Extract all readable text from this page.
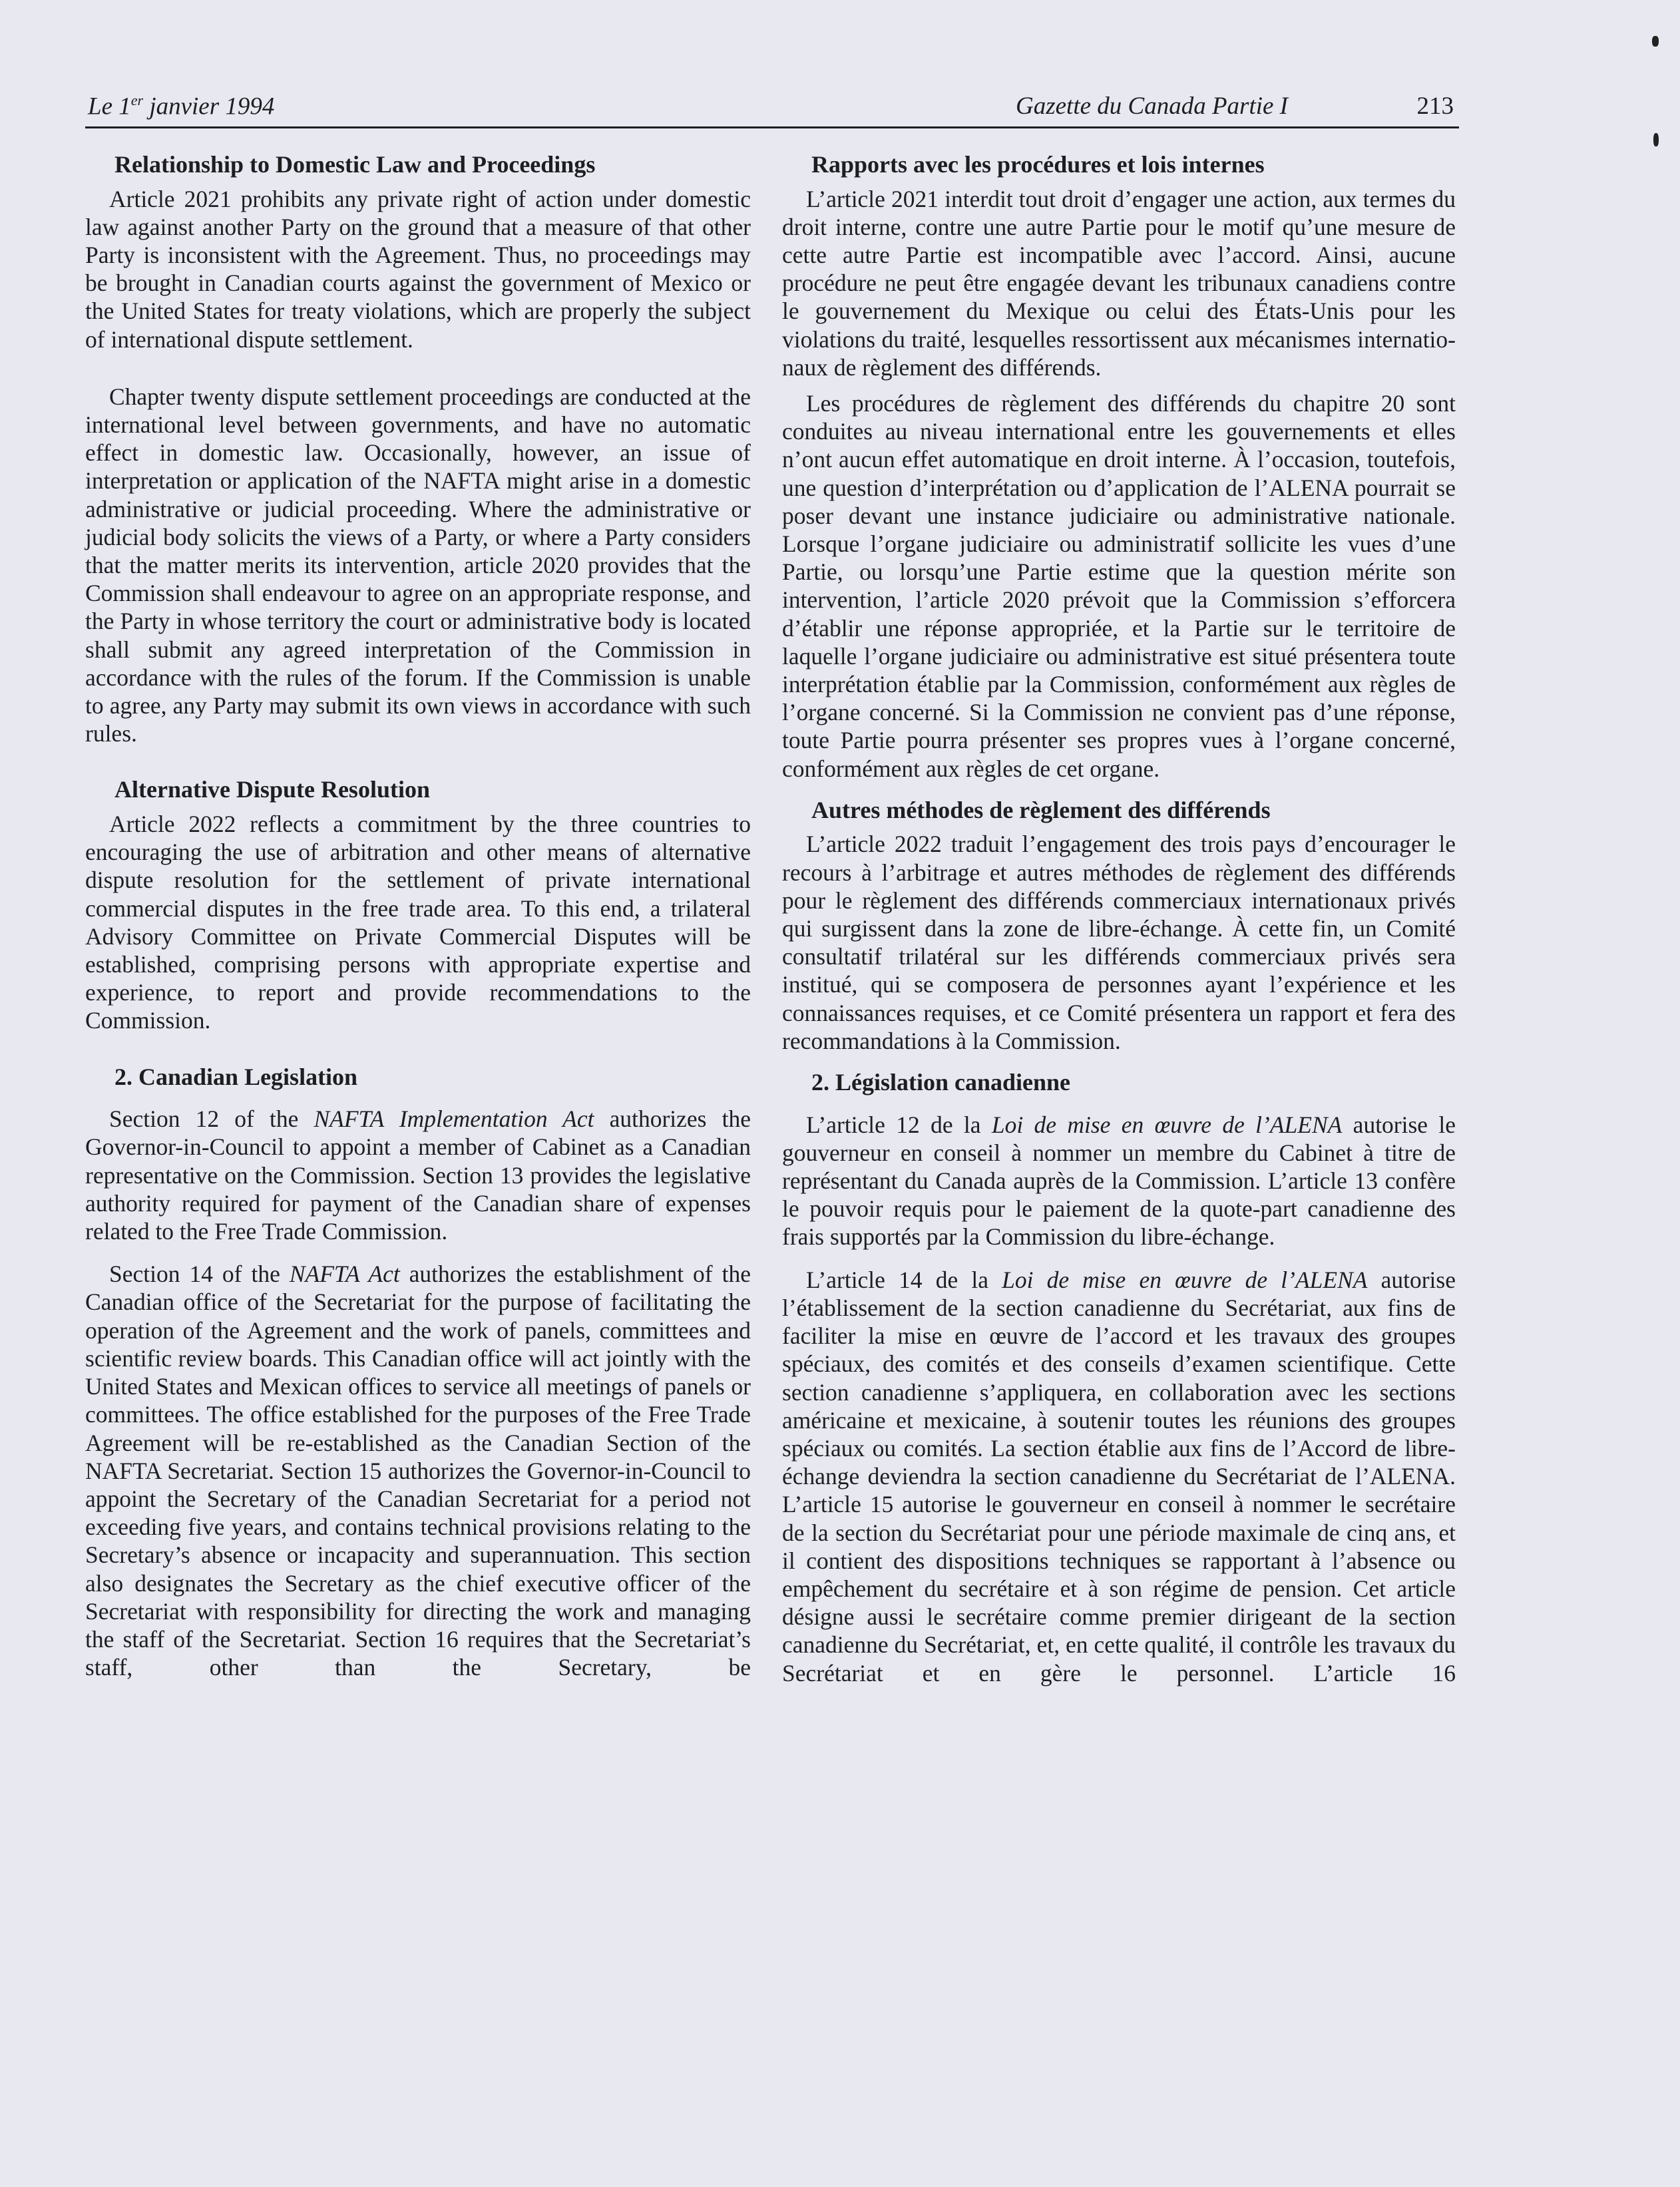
Le 1er janvier 1994	Gazette du Canada Partie I	213
Relationship to Domestic Law and Proceedings

Article 2021 prohibits any private right of action under domestic law against another Party on the ground that a measure of that other Party is inconsistent with the Agreement. Thus, no proceedings may be brought in Canadian courts against the government of Mexico or the United States for treaty violations, which are properly the subject of international dispute settlement.

Chapter twenty dispute settlement proceedings are conducted at the international level between governments, and have no automatic effect in domestic law. Occasionally, however, an issue of interpretation or application of the NAFTA might arise in a domestic administrative or judicial proceeding. Where the administrative or judicial body solicits the views of a Party, or where a Party considers that the matter merits its intervention, article 2020 provides that the Commission shall endeavour to agree on an appropriate response, and the Party in whose territory the court or administrative body is located shall submit any agreed interpretation of the Commission in accordance with the rules of the forum. If the Commission is unable to agree, any Party may submit its own views in accordance with such rules.

Alternative Dispute Resolution

Article 2022 reflects a commitment by the three countries to encouraging the use of arbitration and other means of alternative dispute resolution for the settlement of private international commercial disputes in the free trade area. To this end, a trilateral Advisory Committee on Private Commercial Disputes will be established, comprising persons with appropriate expertise and experience, to report and provide recommendations to the Commission.

2. Canadian Legislation

Section 12 of the NAFTA Implementation Act authorizes the Governor-in-Council to appoint a member of Cabinet as a Canadian representative on the Commission. Section 13 provides the legislative authority required for payment of the Canadian share of expenses related to the Free Trade Commission.

Section 14 of the NAFTA Act authorizes the establishment of the Canadian office of the Secretariat for the purpose of facilitating the operation of the Agreement and the work of panels, committees and scientific review boards. This Canadian office will act jointly with the United States and Mexican offices to service all meetings of panels or committees. The office established for the purposes of the Free Trade Agreement will be re-established as the Canadian Section of the NAFTA Secretariat. Section 15 authorizes the Governor-in-Council to appoint the Secretary of the Canadian Secretariat for a period not exceeding five years, and contains technical provisions relating to the Secretary’s absence or incapacity and superannuation. This section also designates the Secretary as the chief executive officer of the Secretariat with responsibility for directing the work and managing the staff of the Secretariat. Section 16 requires that the Secretariat’s staff, other than the Secretary, be

Rapports avec les procédures et lois internes

L’article 2021 interdit tout droit d’engager une action, aux termes du droit interne, contre une autre Partie pour le motif qu’une mesure de cette autre Partie est incompatible avec l’accord. Ainsi, aucune procédure ne peut être engagée devant les tribunaux canadiens contre le gouvernement du Mexique ou celui des États-Unis pour les violations du traité, lesquelles ressortissent aux mécanismes internationaux de règlement des différends.

Les procédures de règlement des différends du chapitre 20 sont conduites au niveau international entre les gouvernements et elles n’ont aucun effet automatique en droit interne. À l’occasion, toutefois, une question d’interprétation ou d’application de l’ALENA pourrait se poser devant une instance judiciaire ou administrative nationale. Lorsque l’organe judiciaire ou administratif sollicite les vues d’une Partie, ou lorsqu’une Partie estime que la question mérite son intervention, l’article 2020 prévoit que la Commission s’efforcera d’établir une réponse appropriée, et la Partie sur le territoire de laquelle l’organe judiciaire ou administrative est situé présentera toute interprétation établie par la Commission, conformément aux règles de l’organe concerné. Si la Commission ne convient pas d’une réponse, toute Partie pourra présenter ses propres vues à l’organe concerné, conformément aux règles de cet organe.

Autres méthodes de règlement des différends

L’article 2022 traduit l’engagement des trois pays d’encourager le recours à l’arbitrage et autres méthodes de règlement des différends pour le règlement des différends commerciaux internationaux privés qui surgissent dans la zone de libre-échange. À cette fin, un Comité consultatif trilatéral sur les différends commerciaux privés sera institué, qui se composera de personnes ayant l’expérience et les connaissances requises, et ce Comité présentera un rapport et fera des recommandations à la Commission.

2. Législation canadienne

L’article 12 de la Loi de mise en œuvre de l’ALENA autorise le gouverneur en conseil à nommer un membre du Cabinet à titre de représentant du Canada auprès de la Commission. L’article 13 confère le pouvoir requis pour le paiement de la quote-part canadienne des frais supportés par la Commission du libre-échange.

L’article 14 de la Loi de mise en œuvre de l’ALENA autorise l’établissement de la section canadienne du Secrétariat, aux fins de faciliter la mise en œuvre de l’accord et les travaux des groupes spéciaux, des comités et des conseils d’examen scientifique. Cette section canadienne s’appliquera, en collaboration avec les sections américaine et mexicaine, à soutenir toutes les réunions des groupes spéciaux ou comités. La section établie aux fins de l’Accord de libre-échange deviendra la section canadienne du Secrétariat de l’ALENA. L’article 15 autorise le gouverneur en conseil à nommer le secrétaire de la section du Secrétariat pour une période maximale de cinq ans, et il contient des dispositions techniques se rapportant à l’absence ou empêchement du secrétaire et à son régime de pension. Cet article désigne aussi le secrétaire comme premier dirigeant de la section canadienne du Secrétariat, et, en cette qualité, il contrôle les travaux du Secrétariat et en gère le personnel. L’article 16
